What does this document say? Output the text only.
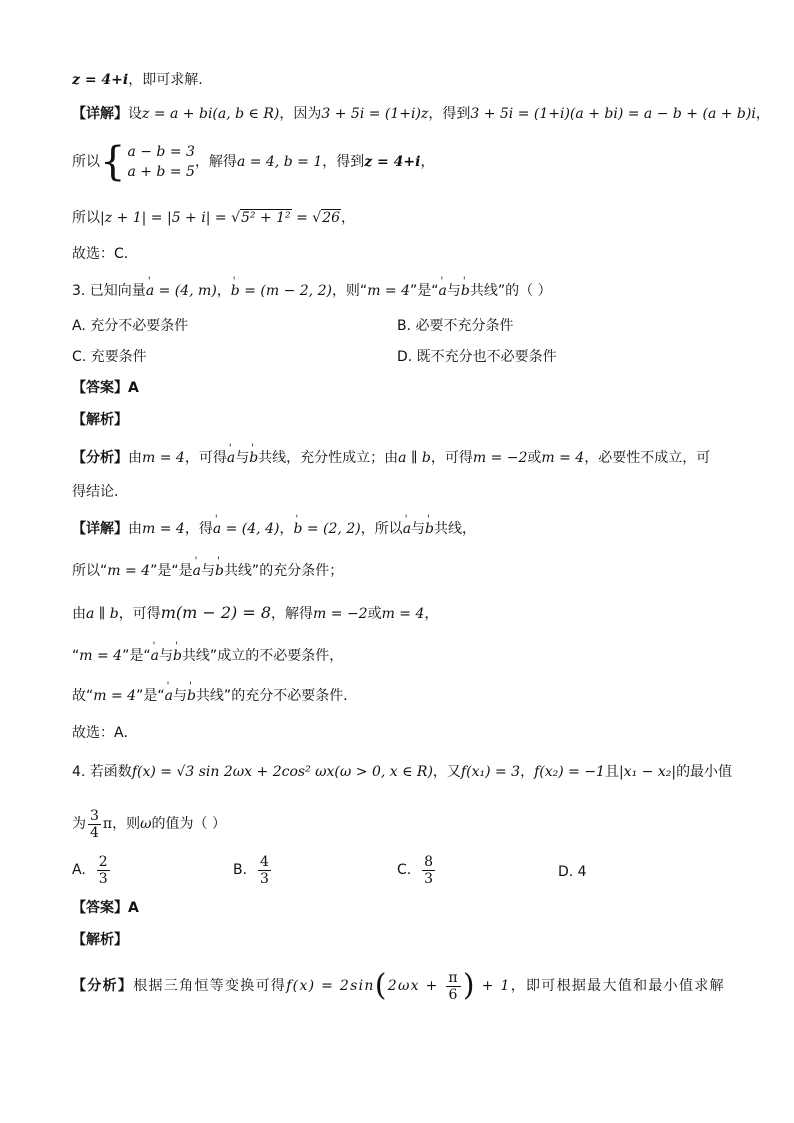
z = 4+i，即可求解.
【详解】设z = a + bi(a, b ∈ R)，因为3 + 5i = (1+i)z，得到3 + 5i = (1+i)(a + bi) = a − b + (a + b)i，
所以 { a − b = 3
a + b = 5
，解得a = 4, b = 1，得到z = 4+i，
所以|z + 1| = |5 + i| = √5² + 1² = √26，
故选：C.
3. 已知向量' a = (4, m)，' b = (m − 2, 2)，则“m = 4”是“' a与' b共线”的（ ）
A. 充分不必要条件	B. 必要不充分条件
C. 充要条件	D. 既不充分也不必要条件
【答案】A
【解析】
【分析】由m = 4，可得' a与' b共线，充分性成立；由a ∥ b，可得m = −2或m = 4，必要性不成立，可
得结论.
【详解】由m = 4，得' a = (4, 4)，' b = (2, 2)，所以' a与' b共线，
所以“m = 4”是“是' a与' b共线”的充分条件；
由a ∥ b，可得m(m − 2) = 8，解得m = −2或m = 4，
“m = 4”是“' a与' b共线”成立的不必要条件，
故“m = 4”是“' a与' b共线”的充分不必要条件．
故选：A．
4. 若函数f(x) = √3 sin 2ωx + 2cos² ωx(ω > 0, x ∈ R)，又f(x₁) = 3，f(x₂) = −1且|x₁ − x₂|的最小值
为 $\frac{3}{4}$ π，则ω的值为（ ）
A. $\frac{2}{3}$	B. $\frac{4}{3}$	C. $\frac{8}{3}$	D. 4
【答案】A
【解析】
【分析】根据三角恒等变换可得$f(x) = 2\sin(2\omega x + \frac{\pi}{6}$ ) + 1，即可根据最大值和最小值求解
